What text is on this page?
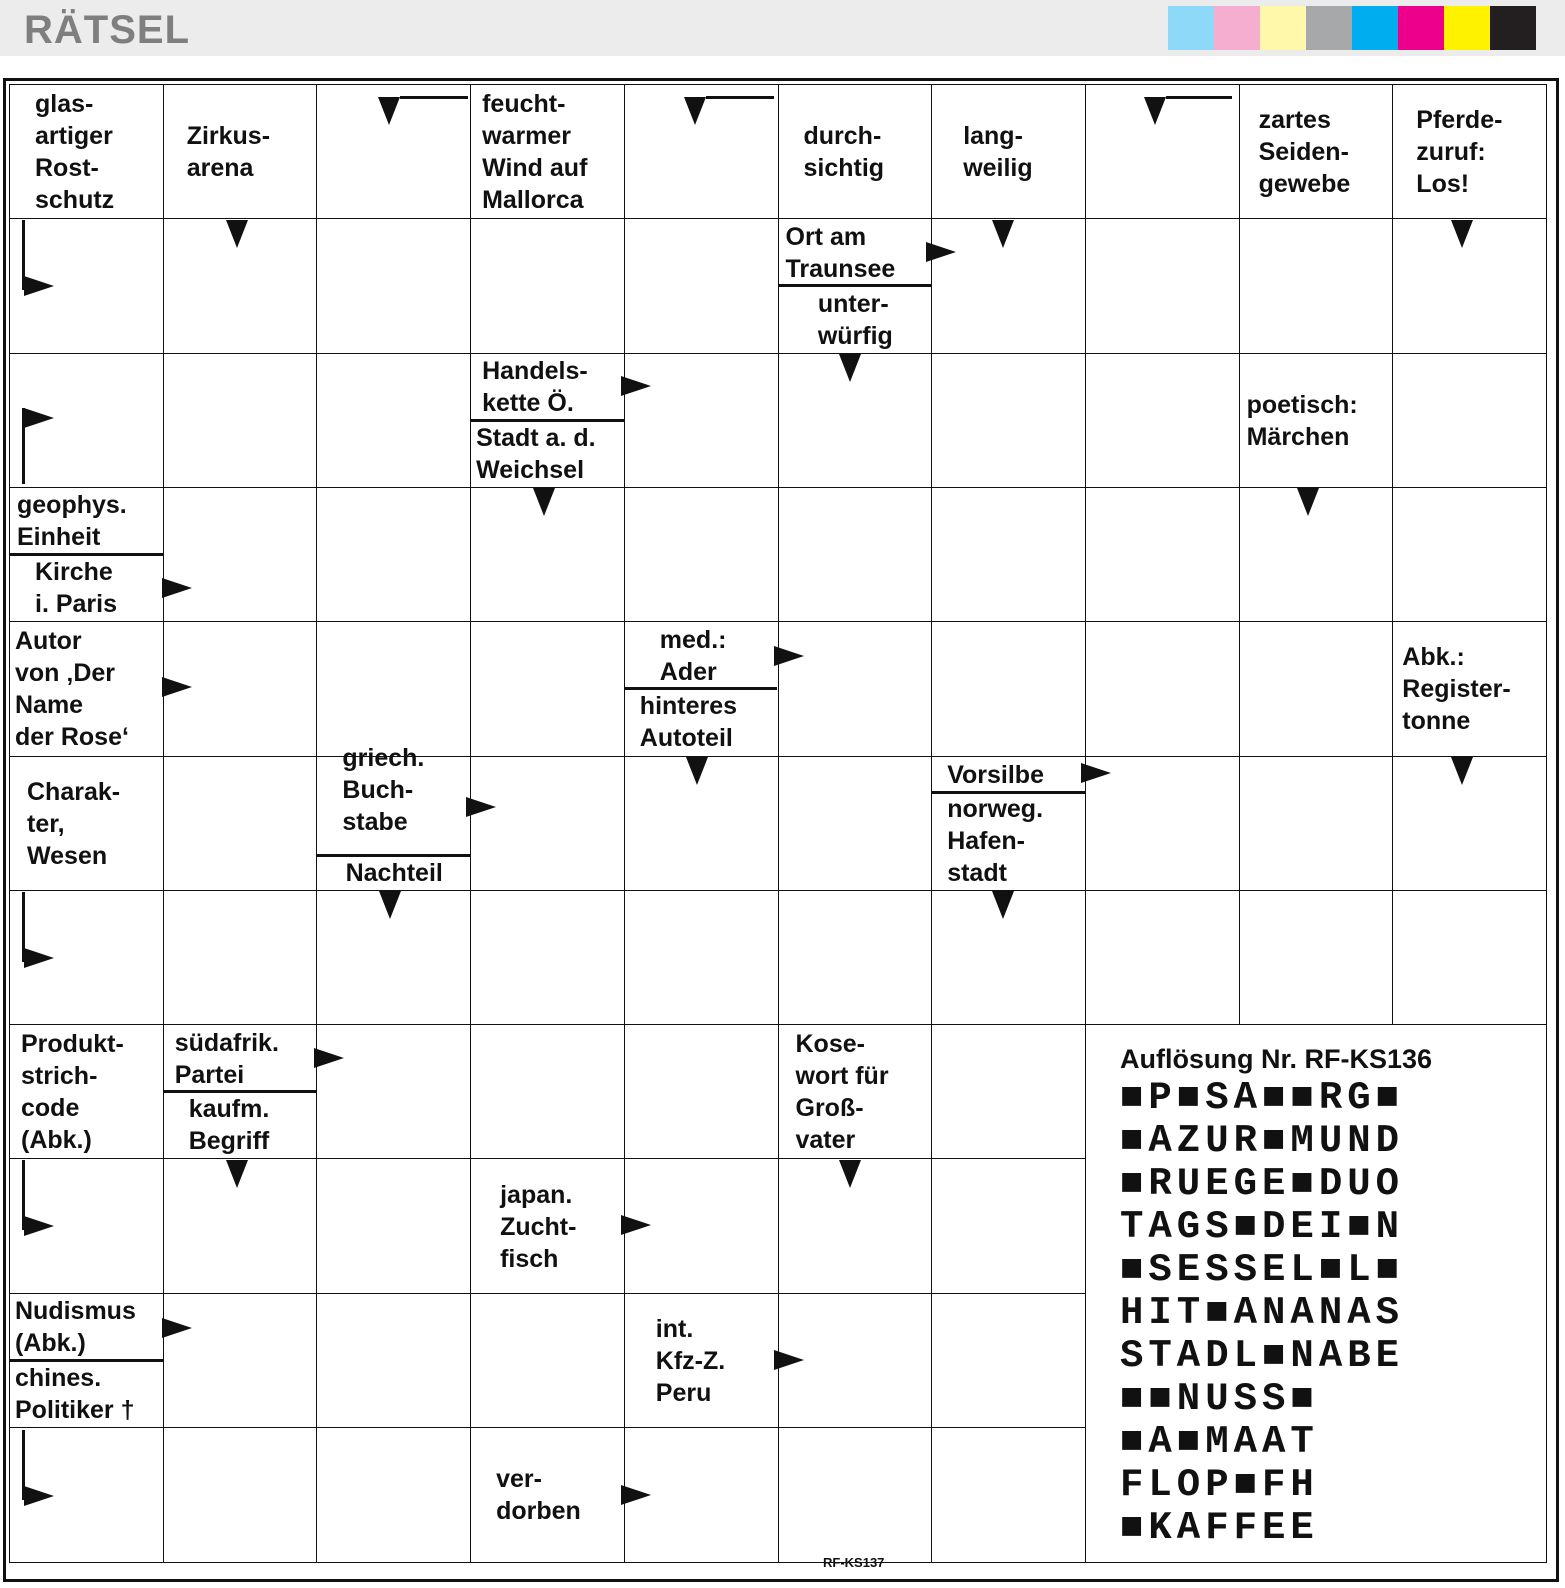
RÄTSEL
glas-
artiger
Rost-
schutz
Zirkus-
arena
feucht-
warmer
Wind auf
Mallorca
durch-
sichtig
lang-
weilig
zartes
Seiden-
gewebe
Pferde-
zuruf:
Los!
Ort am
Traunsee
unter-
würfig
Handels-
kette Ö.
Stadt a. d.
Weichsel
poetisch:
Märchen
geophys.
Einheit
Kirche
i. Paris
Autor
von ‚Der
Name
der Rose‘
med.:
Ader
hinteres
Autoteil
Abk.:
Register-
tonne
Charak-
ter,
Wesen
griech.
Buch-
stabe
Nachteil
Vorsilbe
norweg.
Hafen-
stadt
Produkt-
strich-
code
(Abk.)
südafrik.
Partei
kaufm.
Begriff
Kose-
wort für
Groß-
vater
japan.
Zucht-
fisch
Nudismus
(Abk.)
chines.
Politiker †
int.
Kfz-Z.
Peru
ver-
dorben
Auflösung Nr. RF-KS136
■P■SA■■RG■
■AZUR■MUND
■RUEGE■DUO
TAGS■DEI■N
■SESSEL■L■
HIT■ANANAS
STADL■NABE
■■NUSS■
■A■MAAT
FLOP■FH
■KAFFEE
RF-KS137
